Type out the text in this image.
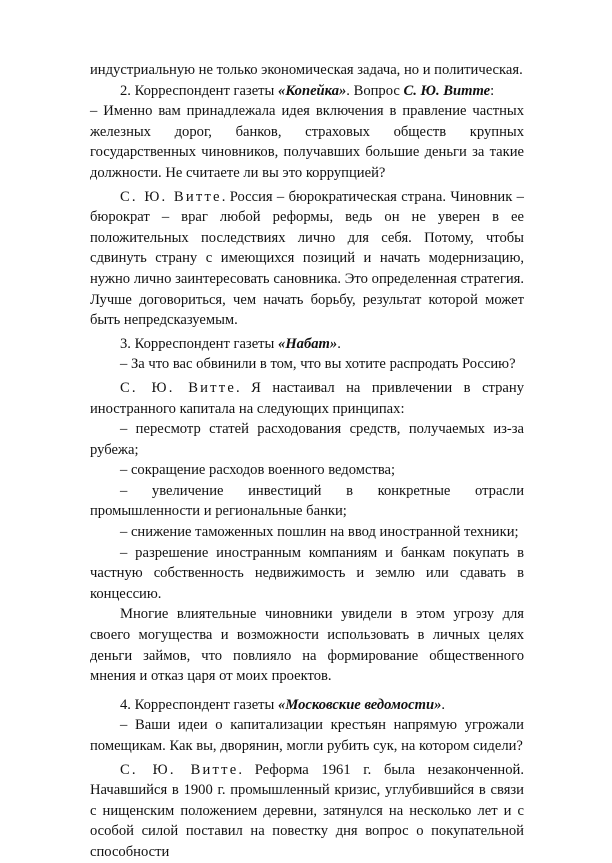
индустриальную не только экономическая задача, но и политическая.

2. Корреспондент газеты «Копейка». Вопрос С. Ю. Витте:

– Именно вам принадлежала идея включения в правление частных железных дорог, банков, страховых обществ крупных государственных чиновников, получавших большие деньги за такие должности. Не считаете ли вы это коррупцией?

С. Ю. Витте. Россия – бюрократическая страна. Чиновник – бюрократ – враг любой реформы, ведь он не уверен в ее положительных последствиях лично для себя. Потому, чтобы сдвинуть страну с имеющихся позиций и начать модернизацию, нужно лично заинтересовать сановника. Это определенная стратегия. Лучше договориться, чем начать борьбу, результат которой может быть непредсказуемым.

3. Корреспондент газеты «Набат».

– За что вас обвинили в том, что вы хотите распродать Россию?

С. Ю. Витте. Я настаивал на привлечении в страну иностранного капитала на следующих принципах:

– пересмотр статей расходования средств, получаемых из-за рубежа;

– сокращение расходов военного ведомства;

– увеличение инвестиций в конкретные отрасли промышленности и региональные банки;

– снижение таможенных пошлин на ввод иностранной техники;

– разрешение иностранным компаниям и банкам покупать в частную собственность недвижимость и землю или сдавать в концессию.

Многие влиятельные чиновники увидели в этом угрозу для своего могущества и возможности использовать в личных целях деньги займов, что повлияло на формирование общественного мнения и отказ царя от моих проектов.

4. Корреспондент газеты «Московские ведомости».

– Ваши идеи о капитализации крестьян напрямую угрожали помещикам. Как вы, дворянин, могли рубить сук, на котором сидели?

С. Ю. Витте. Реформа 1961 г. была незаконченной. Начавшийся в 1900 г. промышленный кризис, углубившийся в связи с нищенским положением деревни, затянулся на несколько лет и с особой силой поставил на повестку дня вопрос о покупательной способности
